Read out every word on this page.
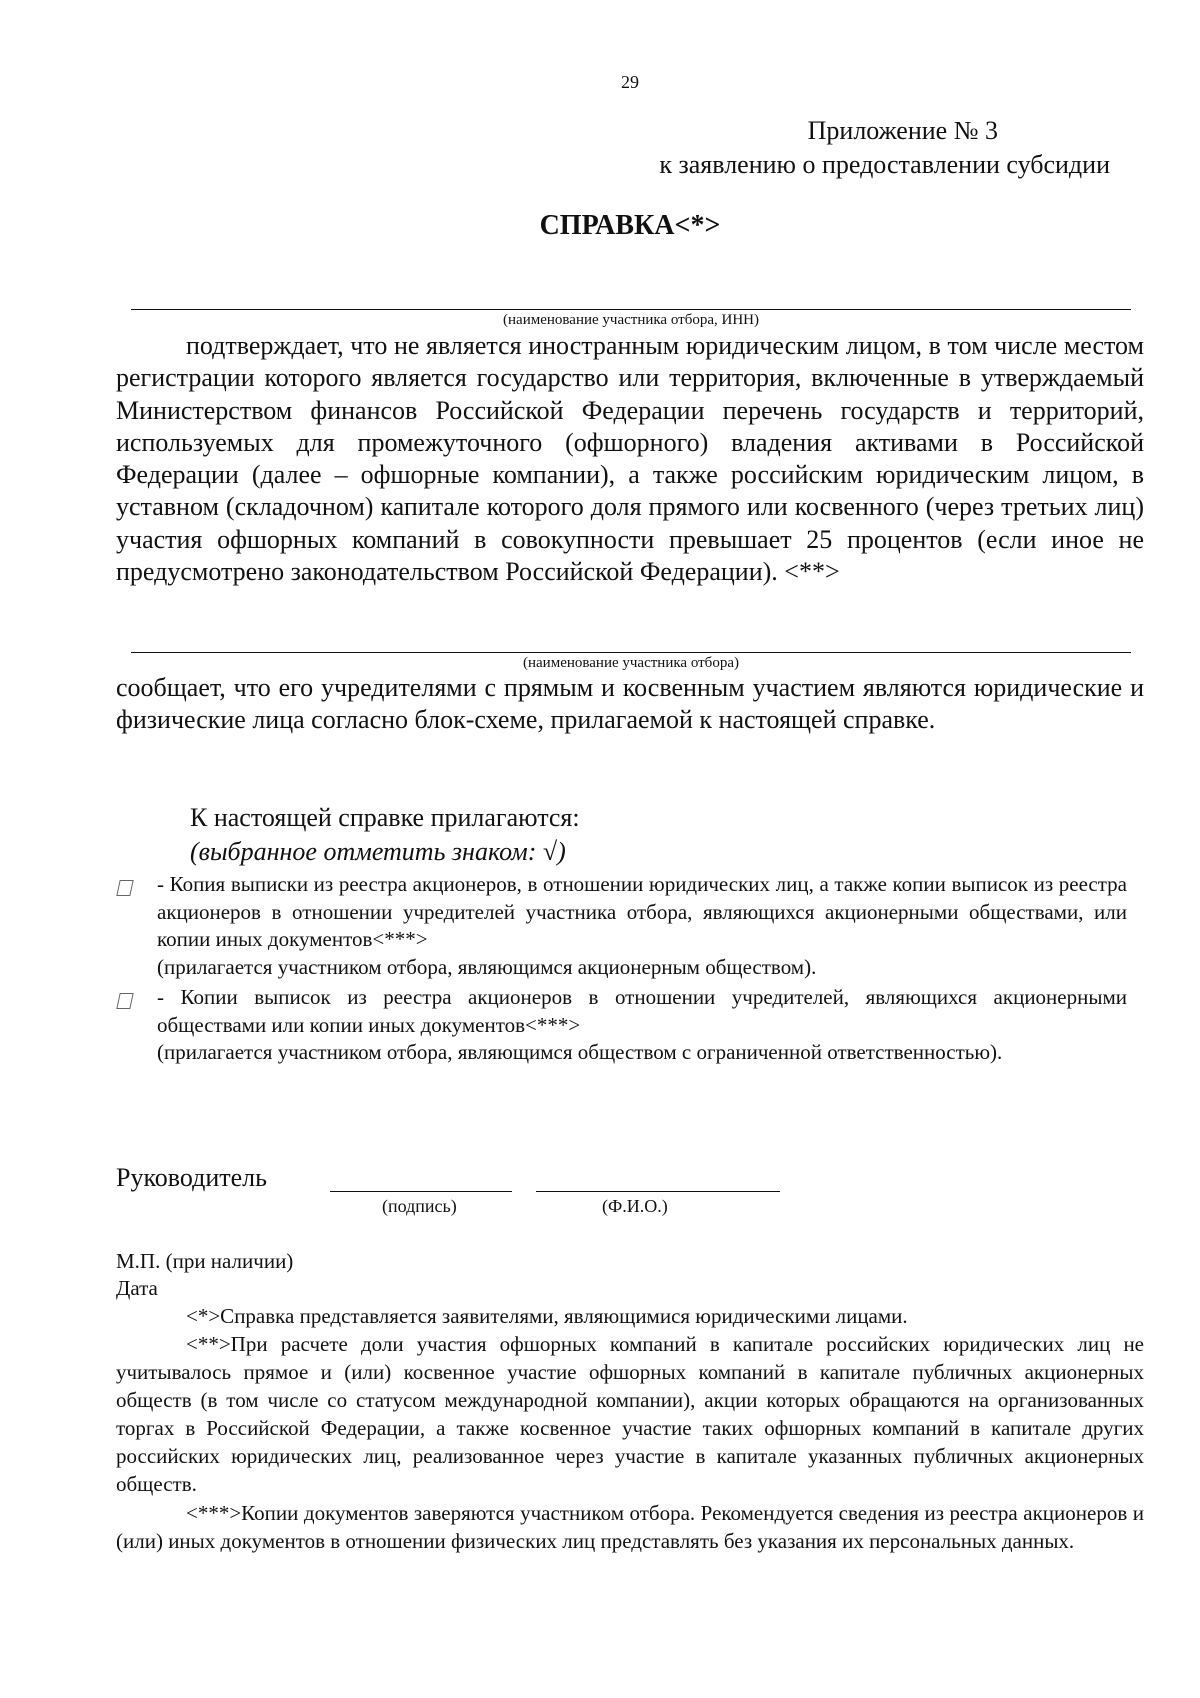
29
Приложение № 3
к заявлению о предоставлении субсидии
СПРАВКА<*>
(наименование участника отбора, ИНН)
подтверждает, что не является иностранным юридическим лицом, в том числе местом регистрации которого является государство или территория, включенные в утверждаемый Министерством финансов Российской Федерации перечень государств и территорий, используемых для промежуточного (офшорного) владения активами в Российской Федерации (далее – офшорные компании), а также российским юридическим лицом, в уставном (складочном) капитале которого доля прямого или косвенного (через третьих лиц) участия офшорных компаний в совокупности превышает 25 процентов (если иное не предусмотрено законодательством Российской Федерации). <**>
(наименование участника отбора)
сообщает, что его учредителями с прямым и косвенным участием являются юридические и физические лица согласно блок-схеме, прилагаемой к настоящей справке.
К настоящей справке прилагаются:
(выбранное отметить знаком: √)
- Копия выписки из реестра акционеров, в отношении юридических лиц, а также копии выписок из реестра акционеров в отношении учредителей участника отбора, являющихся акционерными обществами, или копии иных документов<***>
(прилагается участником отбора, являющимся акционерным обществом).
- Копии выписок из реестра акционеров в отношении учредителей, являющихся акционерными обществами или копии иных документов<***>
(прилагается участником отбора, являющимся обществом с ограниченной ответственностью).
Руководитель
(подпись)	(Ф.И.О.)
М.П. (при наличии)
Дата
<*>Справка представляется заявителями, являющимися юридическими лицами.
<**>При расчете доли участия офшорных компаний в капитале российских юридических лиц не учитывалось прямое и (или) косвенное участие офшорных компаний в капитале публичных акционерных обществ (в том числе со статусом международной компании), акции которых обращаются на организованных торгах в Российской Федерации, а также косвенное участие таких офшорных компаний в капитале других российских юридических лиц, реализованное через участие в капитале указанных публичных акционерных обществ.
<***>Копии документов заверяются участником отбора. Рекомендуется сведения из реестра акционеров и (или) иных документов в отношении физических лиц представлять без указания их персональных данных.
